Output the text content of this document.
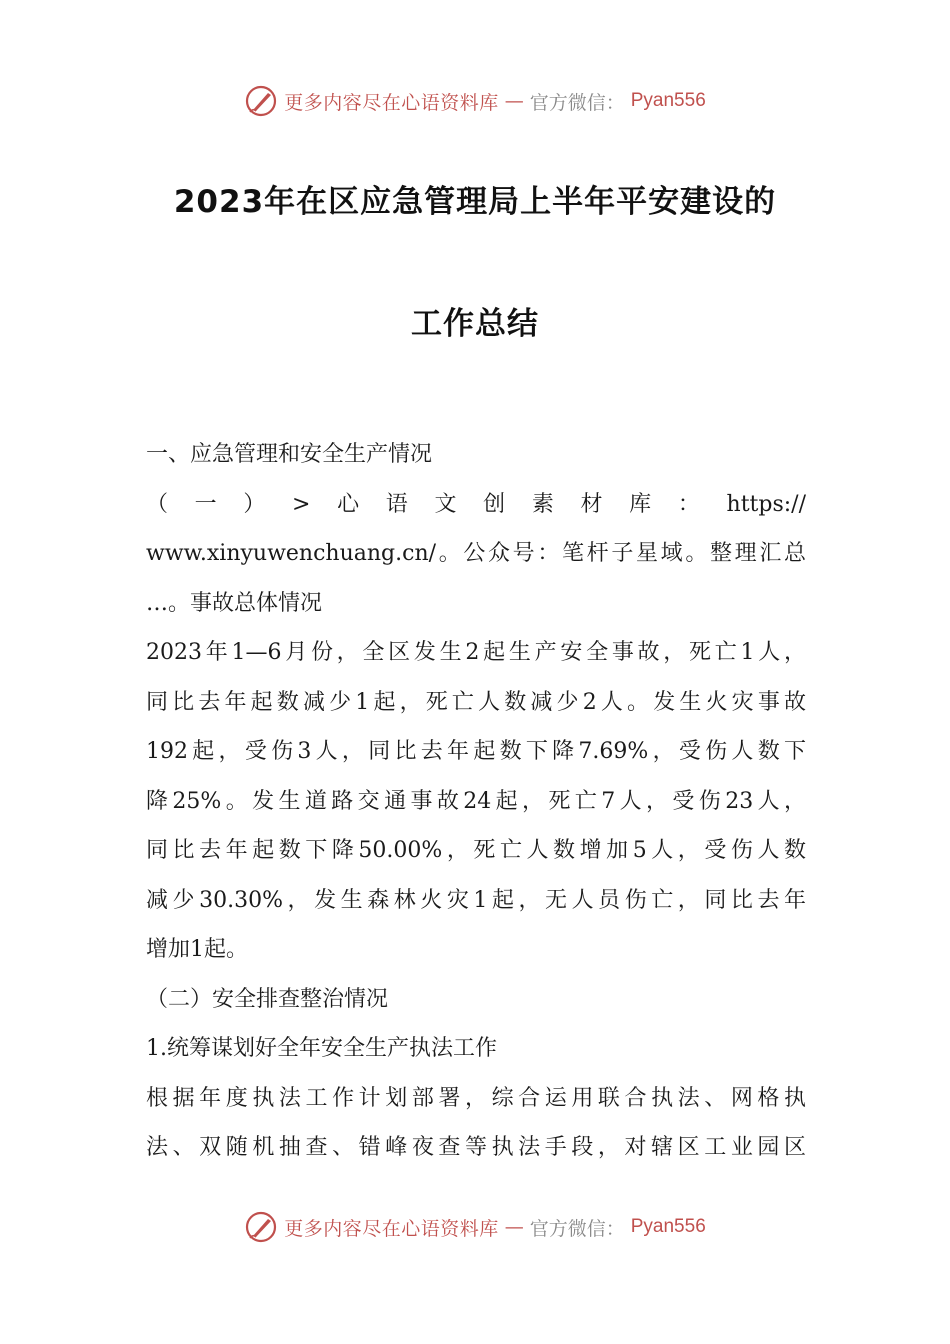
更多内容尽在心语资料库 — 官方微信： Pyan556
2023年在区应急管理局上半年平安建设的
工作总结
一、应急管理和安全生产情况
（一）>心语文创素材库：https://
www.xinyuwenchuang.cn/。公众号：笔杆子星域。整理汇总
…。事故总体情况
2023年1—6月份，全区发生2起生产安全事故，死亡1人，
同比去年起数减少1起，死亡人数减少2人。发生火灾事故
192起，受伤3人，同比去年起数下降7.69%，受伤人数下
降25%。发生道路交通事故24起，死亡7人，受伤23人，
同比去年起数下降50.00%，死亡人数增加5人，受伤人数
减少30.30%，发生森林火灾1起，无人员伤亡，同比去年
增加1起。
（二）安全排查整治情况
1.统筹谋划好全年安全生产执法工作
根据年度执法工作计划部署，综合运用联合执法、网格执
法、双随机抽查、错峰夜查等执法手段，对辖区工业园区
更多内容尽在心语资料库 — 官方微信： Pyan556
